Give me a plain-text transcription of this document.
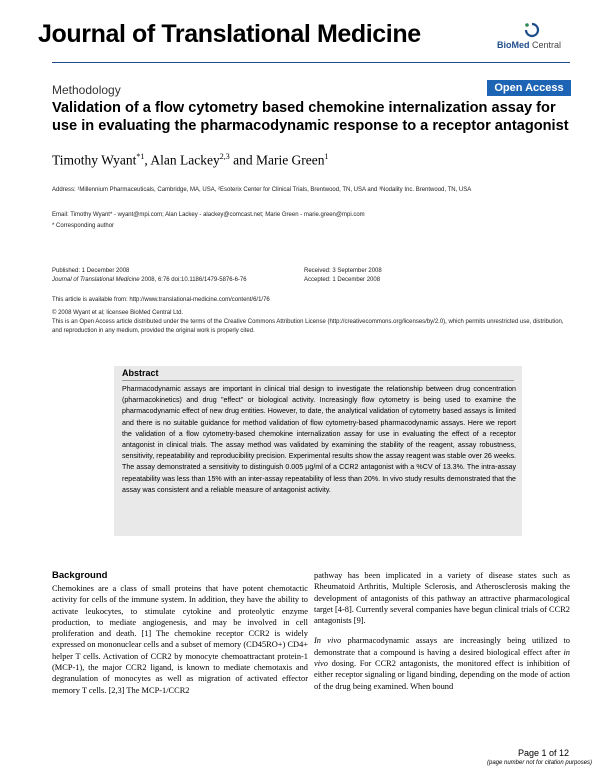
Journal of Translational Medicine	BioMed Central
Methodology	Open Access
Validation of a flow cytometry based chemokine internalization assay for use in evaluating the pharmacodynamic response to a receptor antagonist
Timothy Wyant$^{*1}$, Alan Lackey$^{2,3}$ and Marie Green$^1$
Address: ¹Millennium Pharmaceuticals, Cambridge, MA, USA, ²Esoterix Center for Clinical Trials, Brentwood, TN, USA and ³Nodality Inc. Brentwood, TN, USA
Email: Timothy Wyant* - wyant@mpi.com; Alan Lackey - alackey@comcast.net; Marie Green - marie.green@mpi.com
* Corresponding author
Published: 1 December 2008
Journal of Translational Medicine 2008, 6:76 doi:10.1186/1479-5876-6-76
Received: 3 September 2008
Accepted: 1 December 2008
This article is available from: http://www.translational-medicine.com/content/6/1/76
© 2008 Wyant et al; licensee BioMed Central Ltd.
This is an Open Access article distributed under the terms of the Creative Commons Attribution License (http://creativecommons.org/licenses/by/2.0), which permits unrestricted use, distribution, and reproduction in any medium, provided the original work is properly cited.
Abstract
Pharmacodynamic assays are important in clinical trial design to investigate the relationship between drug concentration (pharmacokinetics) and drug "effect" or biological activity. Increasingly flow cytometry is being used to examine the pharmacodynamic effect of new drug entities. However, to date, the analytical validation of cytometry based assays is limited and there is no suitable guidance for method validation of flow cytometry-based pharmacodynamic assays. Here we report the validation of a flow cytometry-based chemokine internalization assay for use in evaluating the effect of a receptor antagonist in clinical trials. The assay method was validated by examining the stability of the reagent, assay robustness, sensitivity, repeatability and reproducibility precision. Experimental results show the assay reagent was stable over 26 weeks. The assay demonstrated a sensitivity to distinguish 0.005 µg/ml of a CCR2 antagonist with a %CV of 13.3%. The intra-assay repeatability was less than 15% with an inter-assay repeatability of less than 20%. In vivo study results demonstrated that the assay was consistent and a reliable measure of antagonist activity.
Background

Chemokines are a class of small proteins that have potent chemotactic activity for cells of the immune system. In addition, they have the ability to activate leukocytes, to stimulate cytokine and proteolytic enzyme production, to mediate angiogenesis, and may be involved in cell proliferation and death. [1] The chemokine receptor CCR2 is widely expressed on mononuclear cells and a subset of memory (CD45RO+) CD4+ helper T cells. Activation of CCR2 by monocyte chemoattractant protein-1 (MCP-1), the major CCR2 ligand, is known to mediate chemotaxis and degranulation of monocytes as well as migration of activated effector memory T cells. [2,3] The MCP-1/CCR2

pathway has been implicated in a variety of disease states such as Rheumatoid Arthritis, Multiple Sclerosis, and Atherosclerosis making the development of antagonists of this pathway an attractive pharmacological target [4-8]. Currently several companies have begun clinical trials of CCR2 antagonists [9].

In vivo pharmacodynamic assays are increasingly being utilized to demonstrate that a compound is having a desired biological effect after in vivo dosing. For CCR2 antagonists, the monitored effect is inhibition of either receptor signaling or ligand binding, depending on the mode of action of the drug being examined. When bound

Page 1 of 12
(page number not for citation purposes)
